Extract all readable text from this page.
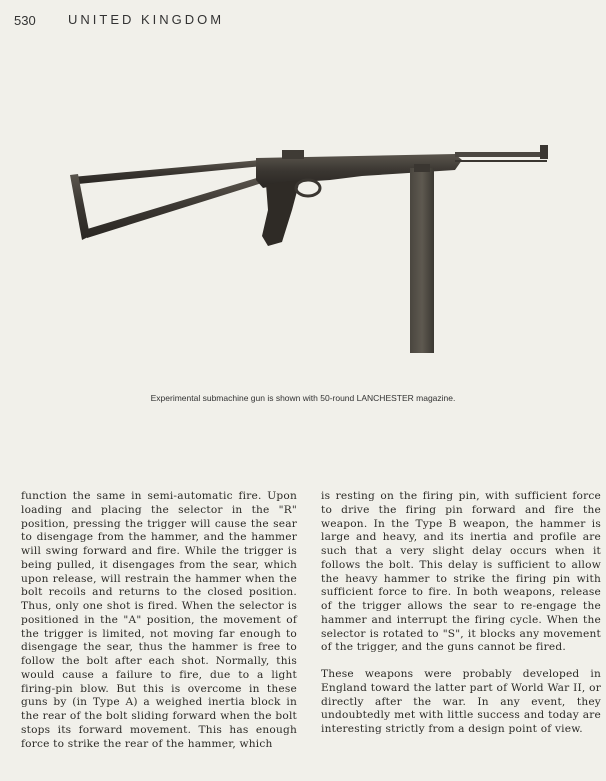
530 UNITED KINGDOM
Experimental submachine gun is shown with 50-round LANCHESTER magazine.

function the same in semi-automatic fire. Upon loading and placing the selector in the "R" position, pressing the trigger will cause the sear to disengage from the hammer, and the hammer will swing forward and fire. While the trigger is being pulled, it disengages from the sear, which upon release, will restrain the hammer when the bolt recoils and returns to the closed position. Thus, only one shot is fired. When the selector is positioned in the "A" position, the movement of the trigger is limited, not moving far enough to disengage the sear, thus the hammer is free to follow the bolt after each shot. Normally, this would cause a failure to fire, due to a light firing-pin blow. But this is overcome in these guns by (in Type A) a weighed inertia block in the rear of the bolt sliding forward when the bolt stops its forward movement. This has enough force to strike the rear of the hammer, which

is resting on the firing pin, with sufficient force to drive the firing pin forward and fire the weapon. In the Type B weapon, the hammer is large and heavy, and its inertia and profile are such that a very slight delay occurs when it follows the bolt. This delay is sufficient to allow the heavy hammer to strike the firing pin with sufficient force to fire. In both weapons, release of the trigger allows the sear to re-engage the hammer and interrupt the firing cycle. When the selector is rotated to "S", it blocks any movement of the trigger, and the guns cannot be fired.

These weapons were probably developed in England toward the latter part of World War II, or directly after the war. In any event, they undoubtedly met with little success and today are interesting strictly from a design point of view.
